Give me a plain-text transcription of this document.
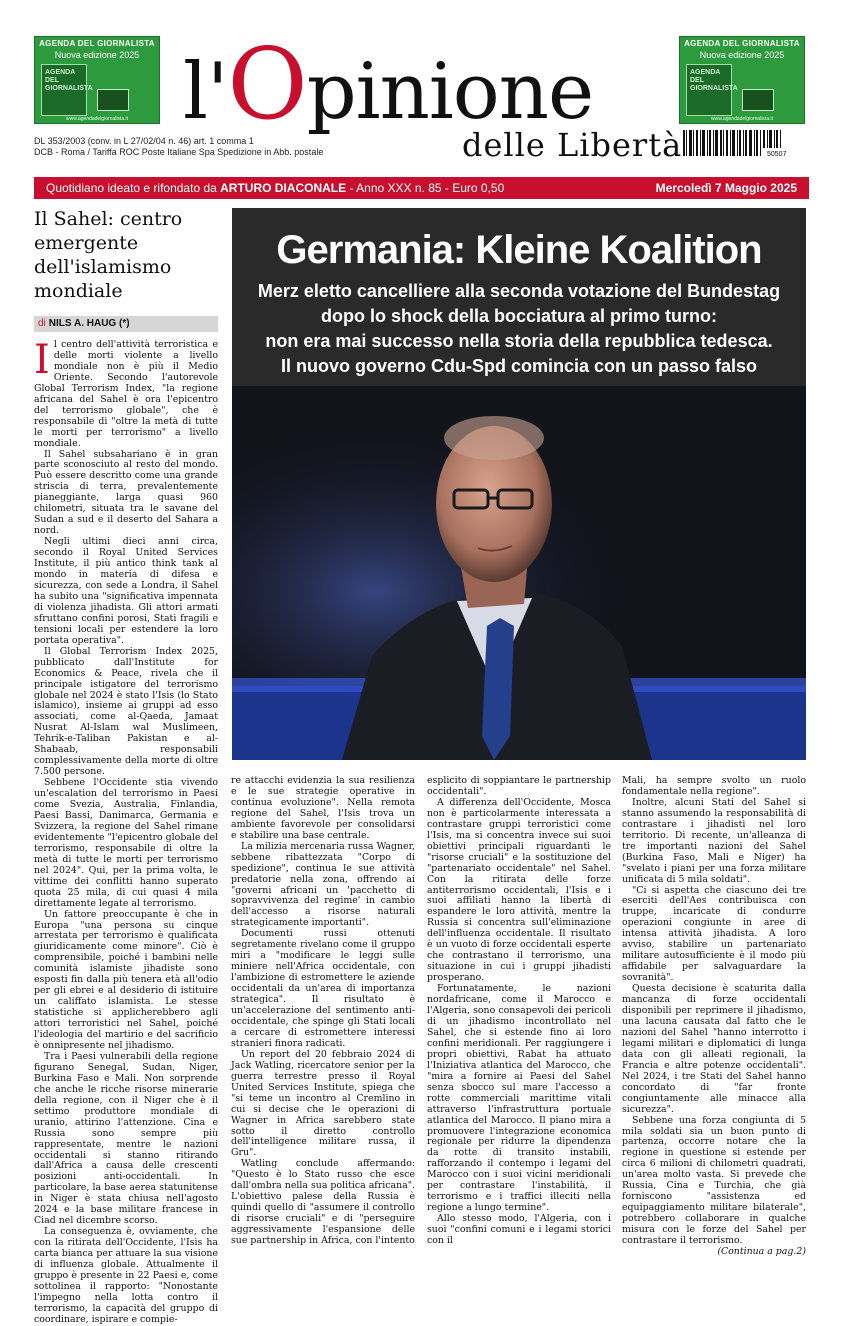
AGENDA DEL GIORNALISTA
Nuova edizione 2025
AGENDA DEL GIORNALISTA
www.agendadelgiornalista.it
AGENDA DEL GIORNALISTA
Nuova edizione 2025
AGENDA DEL GIORNALISTA
www.agendadelgiornalista.it
l'Opinione
delle Libertà
DL 353/2003 (conv. in L 27/02/04 n. 46) art. 1 comma 1
DCB - Roma / Tariffa ROC Poste Italiane Spa Spedizione in Abb. postale	50507
Quotidiano ideato e rifondato da ARTURO DIACONALE - Anno XXX n. 85 - Euro 0,50	Mercoledì 7 Maggio 2025
Il Sahel: centro emergente dell'islamismo mondiale
di NILS A. HAUG (*)
Germania: Kleine Koalition
Merz eletto cancelliere alla seconda votazione del Bundestag
dopo lo shock della bocciatura al primo turno:
non era mai successo nella storia della repubblica tedesca.
Il nuovo governo Cdu-Spd comincia con un passo falso

Il centro dell'attività terroristica e delle morti violente a livello mondiale non è più il Medio Oriente. Secondo l'autorevole Global Terrorism Index, "la regione africana del Sahel è ora l'epicentro del terrorismo globale", che è responsabile di "oltre la metà di tutte le morti per terrorismo" a livello mondiale.

Il Sahel subsahariano è in gran parte sconosciuto al resto del mondo. Può essere descritto come una grande striscia di terra, prevalentemente pianeggiante, larga quasi 960 chilometri, situata tra le savane del Sudan a sud e il deserto del Sahara a nord.

Negli ultimi dieci anni circa, secondo il Royal United Services Institute, il più antico think tank al mondo in materia di difesa e sicurezza, con sede a Londra, il Sahel ha subito una "significativa impennata di violenza jihadista. Gli attori armati sfruttano confini porosi, Stati fragili e tensioni locali per estendere la loro portata operativa".

Il Global Terrorism Index 2025, pubblicato dall'Institute for Economics & Peace, rivela che il principale istigatore del terrorismo globale nel 2024 è stato l'Isis (lo Stato islamico), insieme ai gruppi ad esso associati, come al-Qaeda, Jamaat Nusrat Al-Islam wal Muslimeen, Tehrik-e-Taliban Pakistan e al-Shabaab, responsabili complessivamente della morte di oltre 7.500 persone.

Sebbene l'Occidente stia vivendo un'escalation del terrorismo in Paesi come Svezia, Australia, Finlandia, Paesi Bassi, Danimarca, Germania e Svizzera, la regione del Sahel rimane evidentemente "l'epicentro globale del terrorismo, responsabile di oltre la metà di tutte le morti per terrorismo nel 2024". Qui, per la prima volta, le vittime dei conflitti hanno superato quota 25 mila, di cui quasi 4 mila direttamente legate al terrorismo.

Un fattore preoccupante è che in Europa "una persona su cinque arrestata per terrorismo è qualificata giuridicamente come minore". Ciò è comprensibile, poiché i bambini nelle comunità islamiste jihadiste sono esposti fin dalla più tenera età all'odio per gli ebrei e al desiderio di istituire un califfato islamista. Le stesse statistiche si applicherebbero agli attori terroristici nel Sahel, poiché l'ideologia del martirio e del sacrificio è onnipresente nel jihadismo.

Tra i Paesi vulnerabili della regione figurano Senegal, Sudan, Niger, Burkina Faso e Mali. Non sorprende che anche le ricche risorse minerarie della regione, con il Niger che è il settimo produttore mondiale di uranio, attirino l'attenzione. Cina e Russia sono sempre più rappresentate, mentre le nazioni occidentali si stanno ritirando dall'Africa a causa delle crescenti posizioni anti-occidentali. In particolare, la base aerea statunitense in Niger è stata chiusa nell'agosto 2024 e la base militare francese in Ciad nel dicembre scorso.

La conseguenza è, ovviamente, che con la ritirata dell'Occidente, l'Isis ha carta bianca per attuare la sua visione di influenza globale. Attualmente il gruppo è presente in 22 Paesi e, come sottolinea il rapporto: "Nonostante l'impegno nella lotta contro il terrorismo, la capacità del gruppo di coordinare, ispirare e compie-

re attacchi evidenzia la sua resilienza e le sue strategie operative in continua evoluzione". Nella remota regione del Sahel, l'Isis trova un ambiente favorevole per consolidarsi e stabilire una base centrale.

La milizia mercenaria russa Wagner, sebbene ribattezzata "Corpo di spedizione", continua le sue attività predatorie nella zona, offrendo ai "governi africani un 'pacchetto di sopravvivenza del regime' in cambio dell'accesso a risorse naturali strategicamente importanti".

Documenti russi ottenuti segretamente rivelano come il gruppo miri a "modificare le leggi sulle miniere nell'Africa occidentale, con l'ambizione di estromettere le aziende occidentali da un'area di importanza strategica". Il risultato è un'accelerazione del sentimento anti-occidentale, che spinge gli Stati locali a cercare di estromettere interessi stranieri finora radicati.

Un report del 20 febbraio 2024 di Jack Watling, ricercatore senior per la guerra terrestre presso il Royal United Services Institute, spiega che "si teme un incontro al Cremlino in cui si decise che le operazioni di Wagner in Africa sarebbero state sotto il diretto controllo dell'intelligence militare russa, il Gru".

Watling conclude affermando: "Questo è lo Stato russo che esce dall'ombra nella sua politica africana". L'obiettivo palese della Russia è quindi quello di "assumere il controllo di risorse cruciali" e di "perseguire aggressivamente l'espansione delle sue partnership in Africa, con l'intento

esplicito di soppiantare le partnership occidentali".

A differenza dell'Occidente, Mosca non è particolarmente interessata a contrastare gruppi terroristici come l'Isis, ma si concentra invece sui suoi obiettivi principali riguardanti le "risorse cruciali" e la sostituzione del "partenariato occidentale" nel Sahel. Con la ritirata delle forze antiterrorismo occidentali, l'Isis e i suoi affiliati hanno la libertà di espandere le loro attività, mentre la Russia si concentra sull'eliminazione dell'influenza occidentale. Il risultato è un vuoto di forze occidentali esperte che contrastano il terrorismo, una situazione in cui i gruppi jihadisti prosperano.

Fortunatamente, le nazioni nordafricane, come il Marocco e l'Algeria, sono consapevoli dei pericoli di un jihadismo incontrollato nel Sahel, che si estende fino ai loro confini meridionali. Per raggiungere i propri obiettivi, Rabat ha attuato l'Iniziativa atlantica del Marocco, che "mira a fornire ai Paesi del Sahel senza sbocco sul mare l'accesso a rotte commerciali marittime vitali attraverso l'infrastruttura portuale atlantica del Marocco. Il piano mira a promuovere l'integrazione economica regionale per ridurre la dipendenza da rotte di transito instabili, rafforzando il contempo i legami del Marocco con i suoi vicini meridionali per contrastare l'instabilità, il terrorismo e i traffici illeciti nella regione a lungo termine".

Allo stesso modo, l'Algeria, con i suoi "confini comuni e i legami storici con il

Mali, ha sempre svolto un ruolo fondamentale nella regione".

Inoltre, alcuni Stati del Sahel si stanno assumendo la responsabilità di contrastare i jihadisti nel loro territorio. Di recente, un'alleanza di tre importanti nazioni del Sahel (Burkina Faso, Mali e Niger) ha "svelato i piani per una forza militare unificata di 5 mila soldati".

"Ci si aspetta che ciascuno dei tre eserciti dell'Aes contribuisca con truppe, incaricate di condurre operazioni congiunte in aree di intensa attività jihadista. A loro avviso, stabilire un partenariato militare autosufficiente è il modo più affidabile per salvaguardare la sovranità".

Questa decisione è scaturita dalla mancanza di forze occidentali disponibili per reprimere il jihadismo, una lacuna causata dal fatto che le nazioni del Sahel "hanno interrotto i legami militari e diplomatici di lunga data con gli alleati regionali, la Francia e altre potenze occidentali". Nel 2024, i tre Stati del Sahel hanno concordato di "far fronte congiuntamente alle minacce alla sicurezza".

Sebbene una forza congiunta di 5 mila soldati sia un buon punto di partenza, occorre notare che la regione in questione si estende per circa 6 milioni di chilometri quadrati, un'area molto vasta. Si prevede che Russia, Cina e Turchia, che già forniscono "assistenza ed equipaggiamento militare bilaterale", potrebbero collaborare in qualche misura con le forze del Sahel per contrastare il terrorismo.

(Continua a pag.2)
